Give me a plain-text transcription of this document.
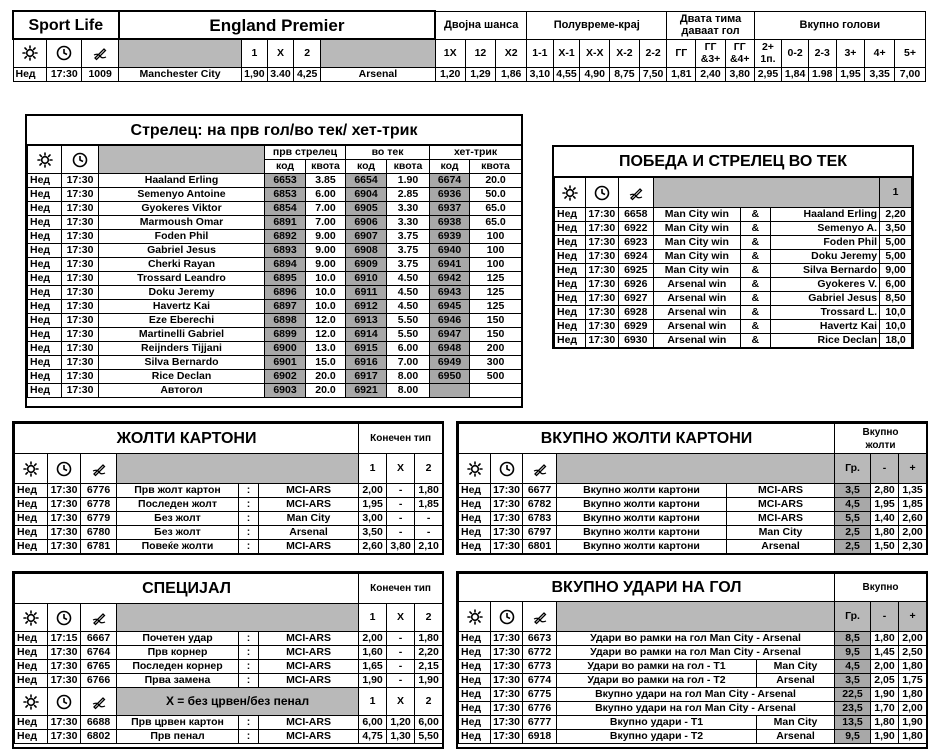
Sport Life			England Premier					Двојна шанса			Полувреме-крај					Двата тима даваат гол			Вкупно голови					
				1	X	2		1X	12	X2	1-1	X-1	X-X	X-2	2-2	ГГ	ГГ &3+	ГГ &4+	2+ 1п.	0-2	2-3	3+	4+	5+
Нед	17:30	1009	Manchester City	1,90	3.40	4,25	Arsenal	1,20	1,29	1,86	3,10	4,55	4,90	8,75	7,50	1,81	2,40	3,80	2,95	1,84	1.98	1,95	3,35	7,00
Стрелец: на прв гол/во тек/ хет-трик
			прв стрелец		во тек		хет-трик	
			код	квота	код	квота	код	квота
Нед	17:30	Haaland Erling	6653	3.85	6654	1.90	6674	20.0
Нед	17:30	Semenyo Antoine	6853	6.00	6904	2.85	6936	50.0
Нед	17:30	Gyokeres Viktor	6854	7.00	6905	3.30	6937	65.0
Нед	17:30	Marmoush Omar	6891	7.00	6906	3.30	6938	65.0
Нед	17:30	Foden Phil	6892	9.00	6907	3.75	6939	100
Нед	17:30	Gabriel Jesus	6893	9.00	6908	3.75	6940	100
Нед	17:30	Cherki Rayan	6894	9.00	6909	3.75	6941	100
Нед	17:30	Trossard Leandro	6895	10.0	6910	4.50	6942	125
Нед	17:30	Doku Jeremy	6896	10.0	6911	4.50	6943	125
Нед	17:30	Havertz Kai	6897	10.0	6912	4.50	6945	125
Нед	17:30	Eze Eberechi	6898	12.0	6913	5.50	6946	150
Нед	17:30	Martinelli Gabriel	6899	12.0	6914	5.50	6947	150
Нед	17:30	Reijnders Tijjani	6900	13.0	6915	6.00	6948	200
Нед	17:30	Silva Bernardo	6901	15.0	6916	7.00	6949	300
Нед	17:30	Rice Declan	6902	20.0	6917	8.00	6950	500
Нед	17:30	Автогол	6903	20.0	6921	8.00		
ПОБЕДА И СТРЕЛЕЦ ВО ТЕК
				1
Нед	17:30	6658	Man City win	&	Haaland Erling	2,20
Нед	17:30	6922	Man City win	&	Semenyo A.	3,50
Нед	17:30	6923	Man City win	&	Foden Phil	5,00
Нед	17:30	6924	Man City win	&	Doku Jeremy	5,00
Нед	17:30	6925	Man City win	&	Silva Bernardo	9,00
Нед	17:30	6926	Arsenal win	&	Gyokeres V.	6,00
Нед	17:30	6927	Arsenal win	&	Gabriel Jesus	8,50
Нед	17:30	6928	Arsenal win	&	Trossard L.	10,0
Нед	17:30	6929	Arsenal win	&	Havertz Kai	10,0
Нед	17:30	6930	Arsenal win	&	Rice Declan	18,0
ЖОЛТИ КАРТОНИ						Конечен тип		
				1	X	2
Нед	17:30	6776	Прв жолт картон	:	MCI-ARS	2,00	-	1,80
Нед	17:30	6778	Последен жолт	:	MCI-ARS	1,95	-	1,85
Нед	17:30	6779	Без жолт	:	Man City	3,00	-	-
Нед	17:30	6780	Без жолт	:	Arsenal	3,50	-	-
Нед	17:30	6781	Повеќе жолти	:	MCI-ARS	2,60	3,80	2,10
ВКУПНО ЖОЛТИ КАРТОНИ					Вкупно жолти		
				Гр.	-	+
Нед	17:30	6677	Вкупно жолти картони	MCI-ARS	3,5	2,80	1,35
Нед	17:30	6782	Вкупно жолти картони	MCI-ARS	4,5	1,95	1,85
Нед	17:30	6783	Вкупно жолти картони	MCI-ARS	5,5	1,40	2,60
Нед	17:30	6797	Вкупно жолти картони	Man City	2,5	1,80	2,00
Нед	17:30	6801	Вкупно жолти картони	Arsenal	2,5	1,50	2,30
СПЕЦИЈАЛ						Конечен тип		
				1	X	2
Нед	17:15	6667	Почетен удар	:	MCI-ARS	2,00	-	1,80
Нед	17:30	6764	Прв корнер	:	MCI-ARS	1,60	-	2,20
Нед	17:30	6765	Последен корнер	:	MCI-ARS	1,65	-	2,15
Нед	17:30	6766	Прва замена	:	MCI-ARS	1,90	-	1,90
			X = без црвен/без пенал			1	X	2
Нед	17:30	6688	Прв црвен картон	:	MCI-ARS	6,00	1,20	6,00
Нед	17:30	6802	Прв пенал	:	MCI-ARS	4,75	1,30	5,50
ВКУПНО УДАРИ НА ГОЛ					Вкупно		
				Гр.	-	+
Нед	17:30	6673	Удари во рамки на гол Man City - Arsenal		8,5	1,80	2,00
Нед	17:30	6772	Удари во рамки на гол Man City - Arsenal		9,5	1,45	2,50
Нед	17:30	6773	Удари во рамки на гол - Т1	Man City	4,5	2,00	1,80
Нед	17:30	6774	Удари во рамки на гол - Т2	Arsenal	3,5	2,05	1,75
Нед	17:30	6775	Вкупно удари на гол Man City - Arsenal		22,5	1,90	1,80
Нед	17:30	6776	Вкупно удари на гол Man City - Arsenal		23,5	1,70	2,00
Нед	17:30	6777	Вкупно удари - Т1	Man City	13,5	1,80	1,90
Нед	17:30	6918	Вкупно удари - Т2	Arsenal	9,5	1,90	1,80
